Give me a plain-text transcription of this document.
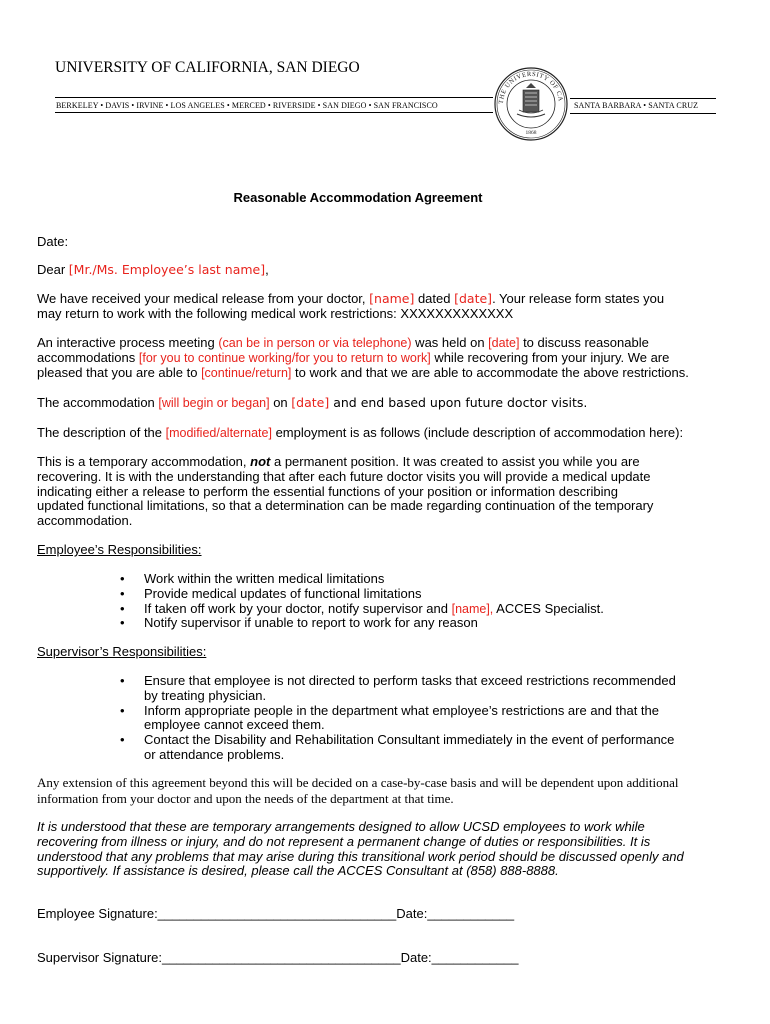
UNIVERSITY OF CALIFORNIA, SAN DIEGO
BERKELEY • DAVIS • IRVINE • LOS ANGELES • MERCED • RIVERSIDE • SAN DIEGO • SAN FRANCISCO	SANTA BARBARA • SANTA CRUZ
THE UNIVERSITY OF CA
1868
Reasonable Accommodation Agreement
Date:
Dear [Mr./Ms. Employee’s last name],
We have received your medical release from your doctor, [name] dated [date]. Your release form states you may return to work with the following medical work restrictions: XXXXXXXXXXXXX
An interactive process meeting (can be in person or via telephone) was held on [date] to discuss reasonable accommodations [for you to continue working/for you to return to work] while recovering from your injury. We are pleased that you are able to [continue/return] to work and that we are able to accommodate the above restrictions.
The accommodation [will begin or began] on [date] and end based upon future doctor visits.
The description of the [modified/alternate] employment is as follows (include description of accommodation here):
This is a temporary accommodation, not a permanent position. It was created to assist you while you are recovering. It is with the understanding that after each future doctor visits you will provide a medical update indicating either a release to perform the essential functions of your position or information describing updated functional limitations, so that a determination can be made regarding continuation of the temporary accommodation.
Employee’s Responsibilities:
• Work within the written medical limitations
• Provide medical updates of functional limitations
• If taken off work by your doctor, notify supervisor and [name], ACCES Specialist.
• Notify supervisor if unable to report to work for any reason
Supervisor’s Responsibilities:
• Ensure that employee is not directed to perform tasks that exceed restrictions recommended by treating physician.
• Inform appropriate people in the department what employee’s restrictions are and that the employee cannot exceed them.
• Contact the Disability and Rehabilitation Consultant immediately in the event of performance or attendance problems.
Any extension of this agreement beyond this will be decided on a case-by-case basis and will be dependent upon additional information from your doctor and upon the needs of the department at that time.
It is understood that these are temporary arrangements designed to allow UCSD employees to work while recovering from illness or injury, and do not represent a permanent change of duties or responsibilities. It is understood that any problems that may arise during this transitional work period should be discussed openly and supportively. If assistance is desired, please call the ACCES Consultant at (858) 888-8888.
Employee Signature:_________________________________Date:____________
Supervisor Signature:_________________________________Date:____________
